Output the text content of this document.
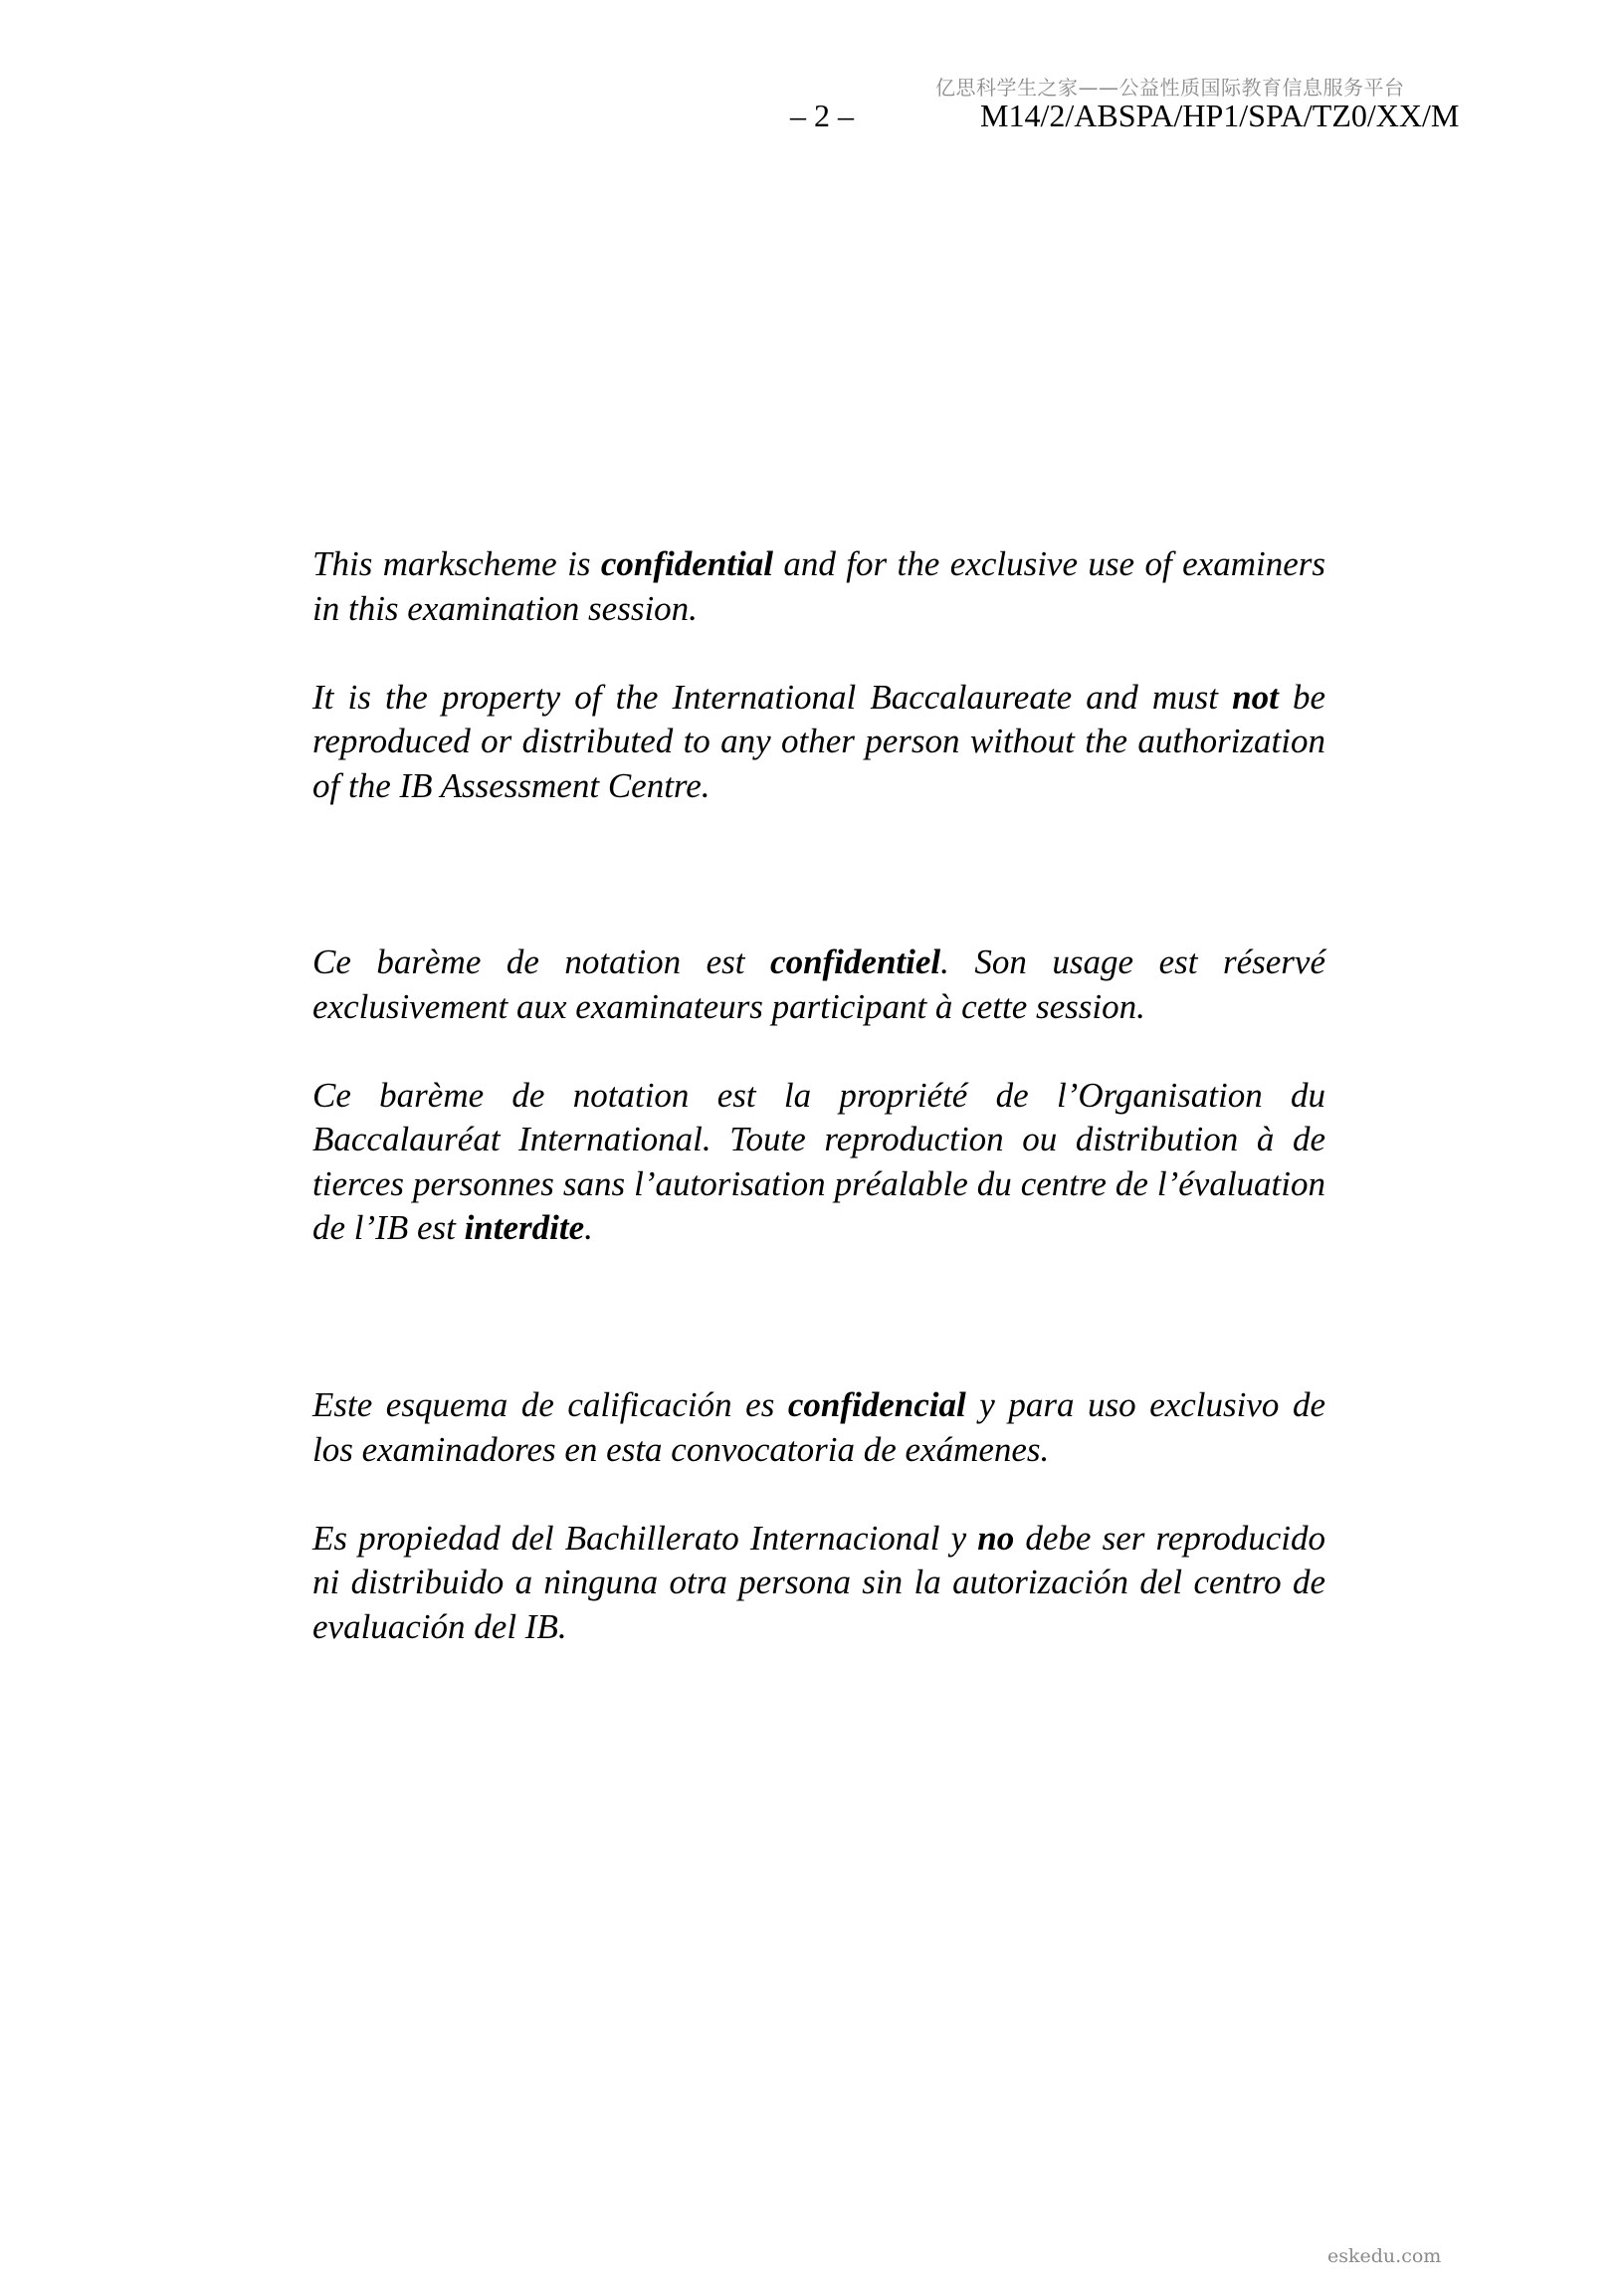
亿思科学生之家——公益性质国际教育信息服务平台
– 2 –	M14/2/ABSPA/HP1/SPA/TZ0/XX/M

This markscheme is confidential and for the exclusive use of examiners in this examination session.

It is the property of the International Baccalaureate and must not be reproduced or distributed to any other person without the authorization of the IB Assessment Centre.

Ce barème de notation est confidentiel. Son usage est réservé exclusivement aux examinateurs participant à cette session.

Ce barème de notation est la propriété de l’Organisation du Baccalauréat International. Toute reproduction ou distribution à de tierces personnes sans l’autorisation préalable du centre de l’évaluation de l’IB est interdite.

Este esquema de calificación es confidencial y para uso exclusivo de los examinadores en esta convocatoria de exámenes.

Es propiedad del Bachillerato Internacional y no debe ser reproducido ni distribuido a ninguna otra persona sin la autorización del centro de evaluación del IB.

eskedu.com
